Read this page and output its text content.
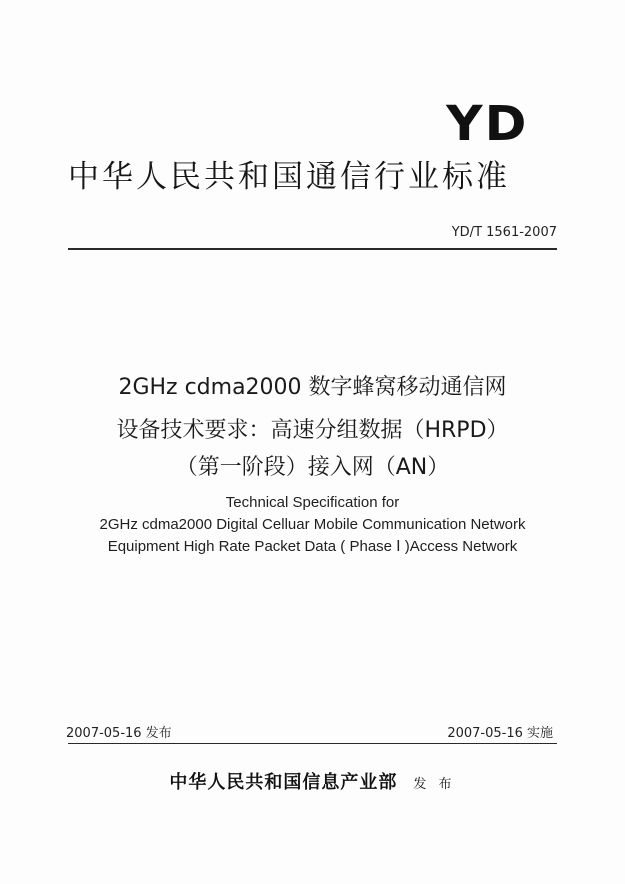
YD
中华人民共和国通信行业标准
YD/T 1561-2007
2GHz cdma2000 数字蜂窝移动通信网
设备技术要求：高速分组数据（HRPD）
（第一阶段）接入网（AN）
Technical Specification for
2GHz cdma2000 Digital Celluar Mobile Communication Network
Equipment High Rate Packet Data ( Phase Ⅰ )Access Network
2007-05-16 发布	2007-05-16 实施
中华人民共和国信息产业部 发 布
